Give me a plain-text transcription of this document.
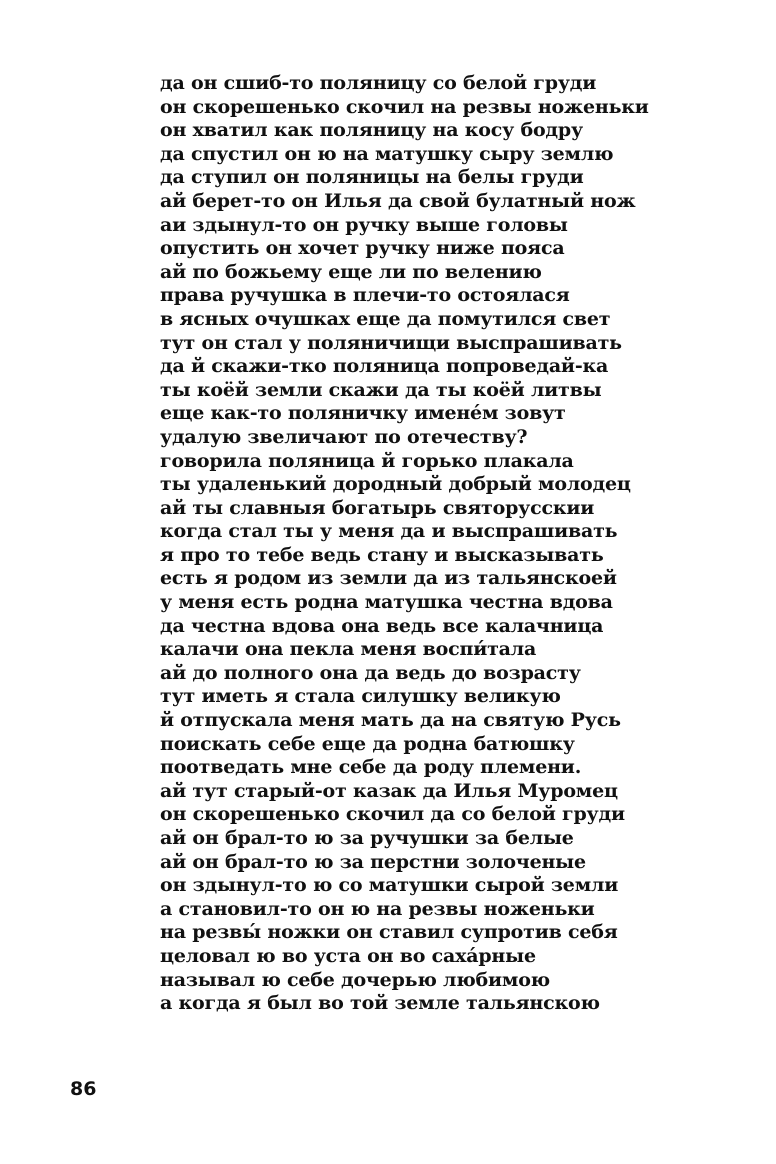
да он сшиб-то поляницу со белой груди
он скорешенько скочил на резвы ноженьки
он хватил как поляницу на косу бодру
да спустил он ю на матушку сыру землю
да ступил он поляницы на белы груди
ай берет-то он Илья да свой булатный нож
аи здынул-то он ручку выше головы
опустить он хочет ручку ниже пояса
ай по божьему еще ли по велению
права ручушка в плечи-то остоялася
в ясных очушках еще да помутился свет
тут он стал у поляничищи выспрашивать
да й скажи-тко поляница попроведай-ка
ты коёй земли скажи да ты коёй литвы
еще как-то поляничку имене́м зовут
удалую звеличают по отечеству?
говорила поляница й горько плакала
ты удаленький дородный добрый молодец
ай ты славныя богатырь святорусскии
когда стал ты у меня да и выспрашивать
я про то тебе ведь стану и высказывать
есть я родом из земли да из тальянскоей
у меня есть родна матушка честна вдова
да честна вдова она ведь все калачница
калачи она пекла меня воспи́тала
ай до полного она да ведь до возрасту
тут иметь я стала силушку великую
й отпускала меня мать да на святую Русь
поискать себе еще да родна батюшку
поотведать мне себе да роду племени.
ай тут старый-от казак да Илья Муромец
он скорешенько скочил да со белой груди
ай он брал-то ю за ручушки за белые
ай он брал-то ю за перстни золоченые
он здынул-то ю со матушки сырой земли
а становил-то он ю на резвы ноженьки
на резвы́ ножки он ставил супротив себя
целовал ю во уста он во саха́рные
называл ю себе дочерью любимою
а когда я был во той земле тальянскою
86
